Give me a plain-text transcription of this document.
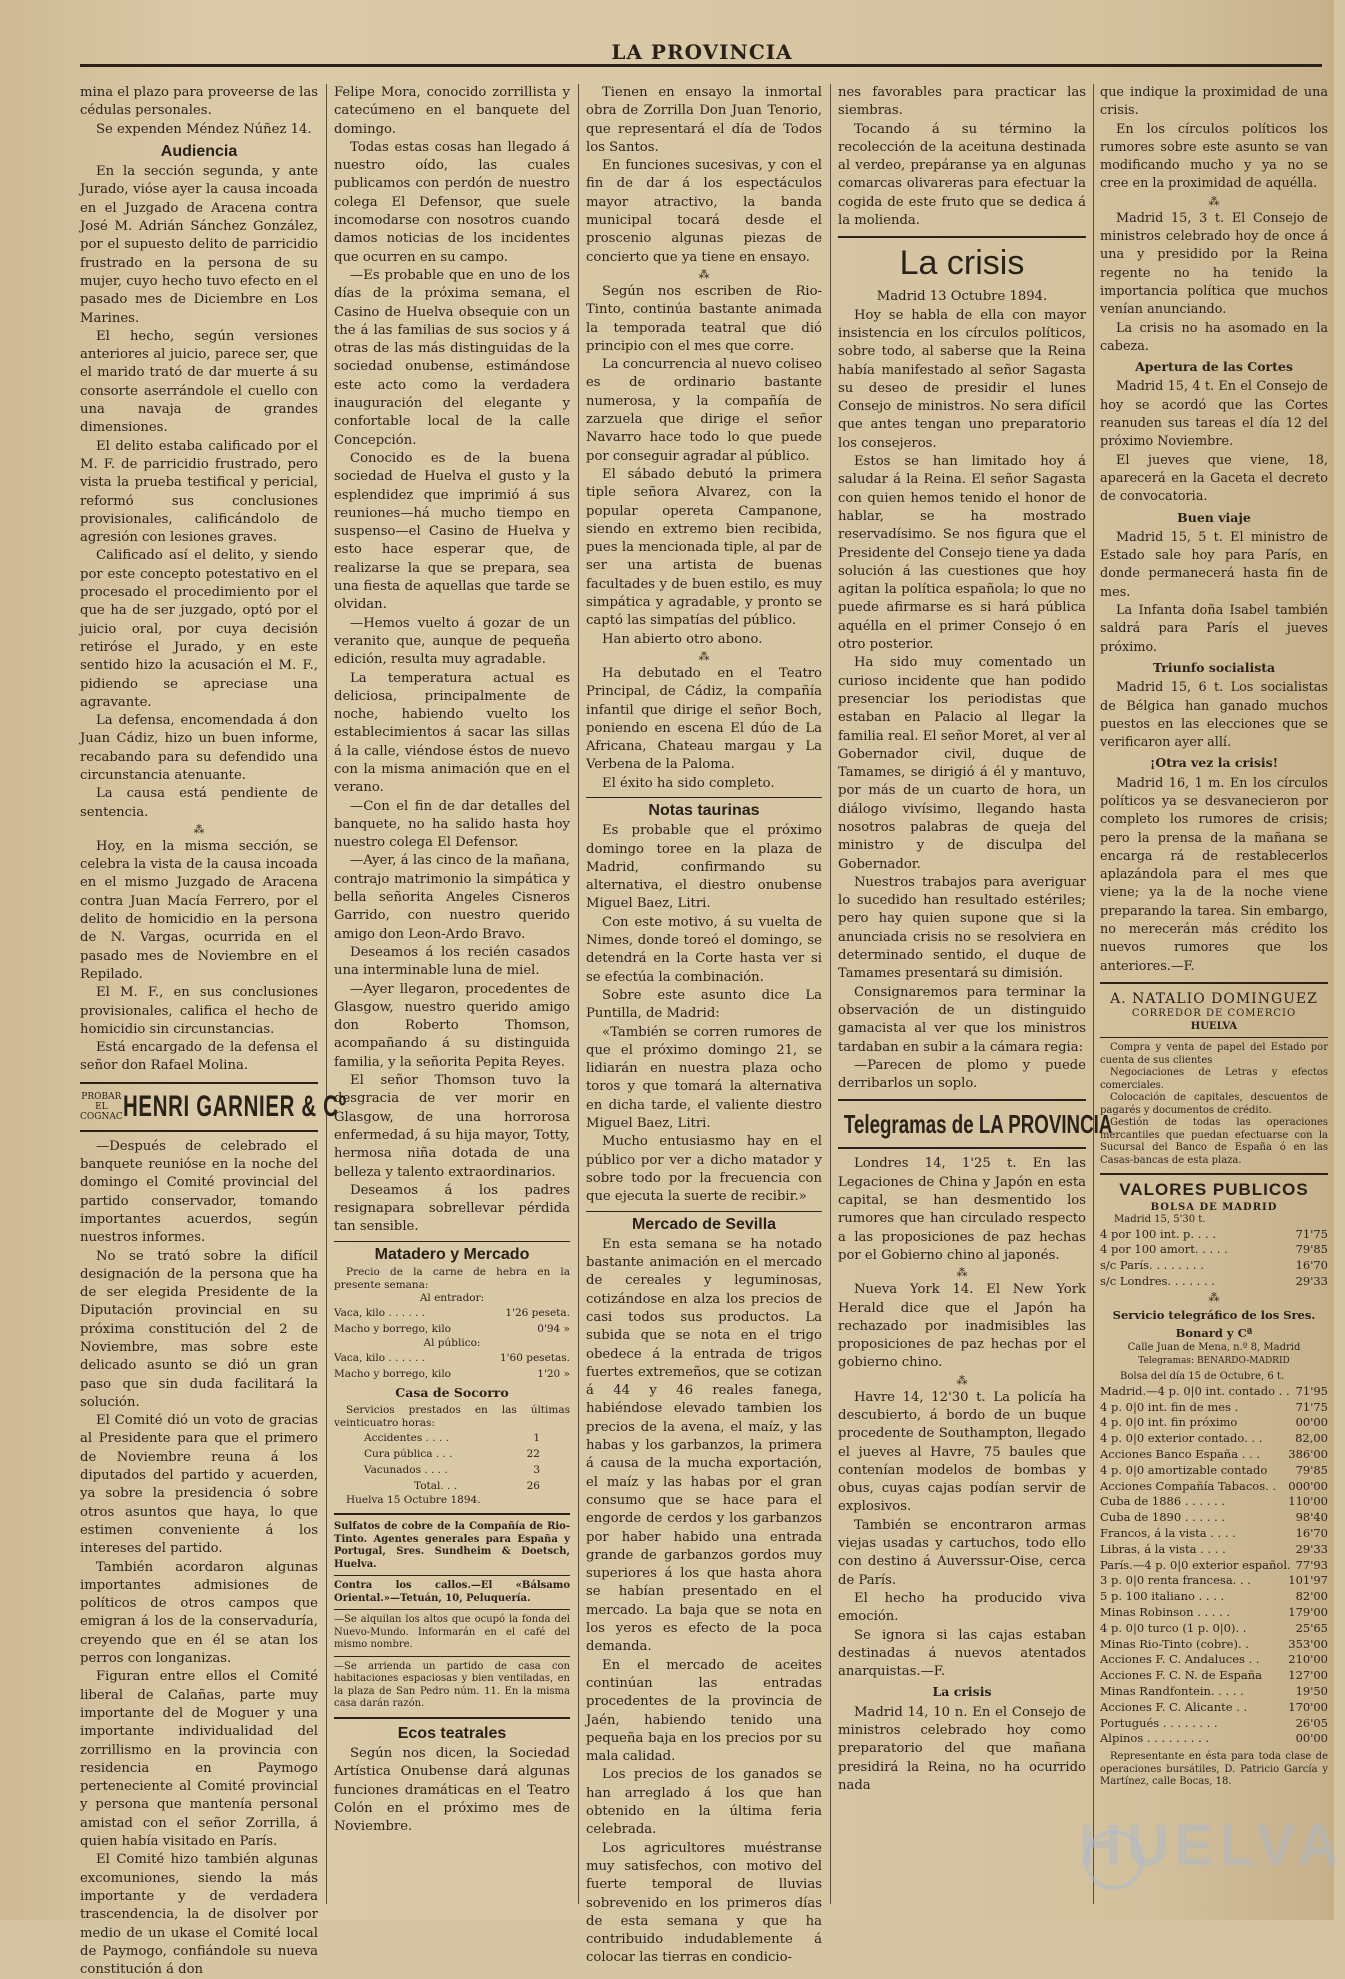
LA PROVINCIA

mina el plazo para proveerse de las cédulas personales.

Se expenden Méndez Núñez 14.

Audiencia

En la sección segunda, y ante Jurado, vióse ayer la causa incoada en el Juzgado de Aracena contra José M. Adrián Sánchez González, por el supuesto delito de parricidio frustrado en la persona de su mujer, cuyo hecho tuvo efecto en el pasado mes de Diciembre en Los Marines.

El hecho, según versiones anteriores al juicio, parece ser, que el marido trató de dar muerte á su consorte aserrándole el cuello con una navaja de grandes dimensiones.

El delito estaba calificado por el M. F. de parricidio frustrado, pero vista la prueba testifical y pericial, reformó sus conclusiones provisionales, calificándolo de agresión con lesiones graves.

Calificado así el delito, y siendo por este concepto potestativo en el procesado el procedimiento por el que ha de ser juzgado, optó por el juicio oral, por cuya decisión retiróse el Jurado, y en este sentido hizo la acusación el M. F., pidiendo se apreciase una agravante.

La defensa, encomendada á don Juan Cádiz, hizo un buen informe, recabando para su defendido una circunstancia atenuante.

La causa está pendiente de sentencia.

⁂

Hoy, en la misma sección, se celebra la vista de la causa incoada en el mismo Juzgado de Aracena contra Juan Macía Ferrero, por el delito de homicidio en la persona de N. Vargas, ocurrida en el pasado mes de Noviembre en el Repilado.

El M. F., en sus conclusiones provisionales, califica el hecho de homicidio sin circunstancias.

Está encargado de la defensa el señor don Rafael Molina.

PROBAR EL COGNAC HENRI GARNIER & Cº

—Después de celebrado el banquete reunióse en la noche del domingo el Comité provincial del partido conservador, tomando importantes acuerdos, según nuestros informes.

No se trató sobre la difícil designación de la persona que ha de ser elegida Presidente de la Diputación provincial en su próxima constitución del 2 de Noviembre, mas sobre este delicado asunto se dió un gran paso que sin duda facilitará la solución.

El Comité dió un voto de gracias al Presidente para que el primero de Noviembre reuna á los diputados del partido y acuerden, ya sobre la presidencia ó sobre otros asuntos que haya, lo que estimen conveniente á los intereses del partido.

También acordaron algunas importantes admisiones de políticos de otros campos que emigran á los de la conservaduría, creyendo que en él se atan los perros con longanizas.

Figuran entre ellos el Comité liberal de Calañas, parte muy importante del de Moguer y una importante individualidad del zorrillismo en la provincia con residencia en Paymogo perteneciente al Comité provincial y persona que mantenía personal amistad con el señor Zorrilla, á quien había visitado en París.

El Comité hizo también algunas excomuniones, siendo la más importante y de verdadera trascendencia, la de disolver por medio de un ukase el Comité local de Paymogo, confiándole su nueva constitución á don

Felipe Mora, conocido zorrillista y catecúmeno en el banquete del domingo.

Todas estas cosas han llegado á nuestro oído, las cuales publicamos con perdón de nuestro colega El Defensor, que suele incomodarse con nosotros cuando damos noticias de los incidentes que ocurren en su campo.

—Es probable que en uno de los días de la próxima semana, el Casino de Huelva obsequie con un the á las familias de sus socios y á otras de las más distinguidas de la sociedad onubense, estimándose este acto como la verdadera inauguración del elegante y confortable local de la calle Concepción.

Conocido es de la buena sociedad de Huelva el gusto y la esplendidez que imprimió á sus reuniones—há mucho tiempo en suspenso—el Casino de Huelva y esto hace esperar que, de realizarse la que se prepara, sea una fiesta de aquellas que tarde se olvidan.

—Hemos vuelto á gozar de un veranito que, aunque de pequeña edición, resulta muy agradable.

La temperatura actual es deliciosa, principalmente de noche, habiendo vuelto los establecimientos á sacar las sillas á la calle, viéndose éstos de nuevo con la misma animación que en el verano.

—Con el fin de dar detalles del banquete, no ha salido hasta hoy nuestro colega El Defensor.

—Ayer, á las cinco de la mañana, contrajo matrimonio la simpática y bella señorita Angeles Cisneros Garrido, con nuestro querido amigo don Leon-Ardo Bravo.

Deseamos á los recién casados una interminable luna de miel.

—Ayer llegaron, procedentes de Glasgow, nuestro querido amigo don Roberto Thomson, acompañando á su distinguida familia, y la señorita Pepita Reyes.

El señor Thomson tuvo la desgracia de ver morir en Glasgow, de una horrorosa enfermedad, á su hija mayor, Totty, hermosa niña dotada de una belleza y talento extraordinarios.

Deseamos á los padres resignapara sobrellevar pérdida tan sensible.

Matadero y Mercado
Precio de la carne de hebra en la presente semana:
Al entrador:
Vaca, kilo . . . . . .	1'26 peseta.
Macho y borrego, kilo	0'94 »
Al público:
Vaca, kilo . . . . . .	1'60 pesetas.
Macho y borrego, kilo	1'20 »
Casa de Socorro
Servicios prestados en las últimas veinticuatro horas:
Accidentes . . . .	1
Cura pública . . .	22
Vacunados . . . .	3
Total. . .	26
Huelva 15 Octubre 1894.
Sulfatos de cobre de la Compañía de Rio-Tinto. Agentes generales para España y Portugal, Sres. Sundheim & Doetsch, Huelva.
Contra los callos.—El «Bálsamo Oriental.»—Tetuán, 10, Peluquería.
—Se alquilan los altos que ocupó la fonda del Nuevo-Mundo. Informarán en el café del mismo nombre.
—Se arrienda un partido de casa con habitaciones espaciosas y bien ventiladas, en la plaza de San Pedro núm. 11. En la misma casa darán razón.
Ecos teatrales

Según nos dicen, la Sociedad Artística Onubense dará algunas funciones dramáticas en el Teatro Colón en el próximo mes de Noviembre.

Tienen en ensayo la inmortal obra de Zorrilla Don Juan Tenorio, que representará el día de Todos los Santos.

En funciones sucesivas, y con el fin de dar á los espectáculos mayor atractivo, la banda municipal tocará desde el proscenio algunas piezas de concierto que ya tiene en ensayo.

⁂

Según nos escriben de Rio-Tinto, continúa bastante animada la temporada teatral que dió principio con el mes que corre.

La concurrencia al nuevo coliseo es de ordinario bastante numerosa, y la compañía de zarzuela que dirige el señor Navarro hace todo lo que puede por conseguir agradar al público.

El sábado debutó la primera tiple señora Alvarez, con la popular opereta Campanone, siendo en extremo bien recibida, pues la mencionada tiple, al par de ser una artista de buenas facultades y de buen estilo, es muy simpática y agradable, y pronto se captó las simpatías del público.

Han abierto otro abono.

⁂

Ha debutado en el Teatro Principal, de Cádiz, la compañía infantil que dirige el señor Boch, poniendo en escena El dúo de La Africana, Chateau margau y La Verbena de la Paloma.

El éxito ha sido completo.

Notas taurinas

Es probable que el próximo domingo toree en la plaza de Madrid, confirmando su alternativa, el diestro onubense Miguel Baez, Litri.

Con este motivo, á su vuelta de Nimes, donde toreó el domingo, se detendrá en la Corte hasta ver si se efectúa la combinación.

Sobre este asunto dice La Puntilla, de Madrid:

«También se corren rumores de que el próximo domingo 21, se lidiarán en nuestra plaza ocho toros y que tomará la alternativa en dicha tarde, el valiente diestro Miguel Baez, Litri.

Mucho entusiasmo hay en el público por ver a dicho matador y sobre todo por la frecuencia con que ejecuta la suerte de recibir.»

Mercado de Sevilla

En esta semana se ha notado bastante animación en el mercado de cereales y leguminosas, cotizándose en alza los precios de casi todos sus productos. La subida que se nota en el trigo obedece á la entrada de trigos fuertes extremeños, que se cotizan á 44 y 46 reales fanega, habiéndose elevado tambien los precios de la avena, el maíz, y las habas y los garbanzos, la primera á causa de la mucha exportación, el maíz y las habas por el gran consumo que se hace para el engorde de cerdos y los garbanzos por haber habido una entrada grande de garbanzos gordos muy superiores á los que hasta ahora se habían presentado en el mercado. La baja que se nota en los yeros es efecto de la poca demanda.

En el mercado de aceites continúan las entradas procedentes de la provincia de Jaén, habiendo tenido una pequeña baja en los precios por su mala calidad.

Los precios de los ganados se han arreglado á los que han obtenido en la última feria celebrada.

Los agricultores muéstranse muy satisfechos, con motivo del fuerte temporal de lluvias sobrevenido en los primeros días de esta semana y que ha contribuido indudablemente á colocar las tierras en condicio-

nes favorables para practicar las siembras.

Tocando á su término la recolección de la aceituna destinada al verdeo, prepáranse ya en algunas comarcas olivareras para efectuar la cogida de este fruto que se dedica á la molienda.

La crisis
Madrid 13 Octubre 1894.

Hoy se habla de ella con mayor insistencia en los círculos políticos, sobre todo, al saberse que la Reina había manifestado al señor Sagasta su deseo de presidir el lunes Consejo de ministros. No sera difícil que antes tengan uno preparatorio los consejeros.

Estos se han limitado hoy á saludar á la Reina. El señor Sagasta con quien hemos tenido el honor de hablar, se ha mostrado reservadísimo. Se nos figura que el Presidente del Consejo tiene ya dada solución á las cuestiones que hoy agitan la política española; lo que no puede afirmarse es si hará pública aquélla en el primer Consejo ó en otro posterior.

Ha sido muy comentado un curioso incidente que han podido presenciar los periodistas que estaban en Palacio al llegar la familia real. El señor Moret, al ver al Gobernador civil, duque de Tamames, se dirigió á él y mantuvo, por más de un cuarto de hora, un diálogo vivísimo, llegando hasta nosotros palabras de queja del ministro y de disculpa del Gobernador.

Nuestros trabajos para averiguar lo sucedido han resultado estériles; pero hay quien supone que si la anunciada crisis no se resolviera en determinado sentido, el duque de Tamames presentará su dimisión.

Consignaremos para terminar la observación de un distinguido gamacista al ver que los ministros tardaban en subir a la cámara regia:

—Parecen de plomo y puede derribarlos un soplo.

Telegramas de LA PROVINCIA

Londres 14, 1'25 t. En las Legaciones de China y Japón en esta capital, se han desmentido los rumores que han circulado respecto a las proposiciones de paz hechas por el Gobierno chino al japonés.

⁂

Nueva York 14. El New York Herald dice que el Japón ha rechazado por inadmisibles las proposiciones de paz hechas por el gobierno chino.

⁂

Havre 14, 12'30 t. La policía ha descubierto, á bordo de un buque procedente de Southampton, llegado el jueves al Havre, 75 baules que contenían modelos de bombas y obus, cuyas cajas podían servir de explosivos.

También se encontraron armas viejas usadas y cartuchos, todo ello con destino á Auverssur-Oise, cerca de París.

El hecho ha producido viva emoción.

Se ignora si las cajas estaban destinadas á nuevos atentados anarquistas.—F.

La crisis

Madrid 14, 10 n. En el Consejo de ministros celebrado hoy como preparatorio del que mañana presidirá la Reina, no ha ocurrido nada

que indique la proximidad de una crisis.

En los círculos políticos los rumores sobre este asunto se van modificando mucho y ya no se cree en la proximidad de aquélla.

⁂

Madrid 15, 3 t. El Consejo de ministros celebrado hoy de once á una y presidido por la Reina regente no ha tenido la importancia política que muchos venían anunciando.

La crisis no ha asomado en la cabeza.

Apertura de las Cortes

Madrid 15, 4 t. En el Consejo de hoy se acordó que las Cortes reanuden sus tareas el día 12 del próximo Noviembre.

El jueves que viene, 18, aparecerá en la Gaceta el decreto de convocatoria.

Buen viaje

Madrid 15, 5 t. El ministro de Estado sale hoy para París, en donde permanecerá hasta fin de mes.

La Infanta doña Isabel también saldrá para París el jueves próximo.

Triunfo socialista

Madrid 15, 6 t. Los socialistas de Bélgica han ganado muchos puestos en las elecciones que se verificaron ayer allí.

¡Otra vez la crisis!

Madrid 16, 1 m. En los círculos políticos ya se desvanecieron por completo los rumores de crisis; pero la prensa de la mañana se encarga rá de restablecerlos aplazándola para el mes que viene; ya la de la noche viene preparando la tarea. Sin embargo, no merecerán más crédito los nuevos rumores que los anteriores.—F.

A. NATALIO DOMINGUEZ
CORREDOR DE COMERCIO
HUELVA
Compra y venta de papel del Estado por cuenta de sus clientes
Negociaciones de Letras y efectos comerciales.
Colocación de capitales, descuentos de pagarés y documentos de crédito.
Gestión de todas las operaciones mercantiles que puedan efectuarse con la Sucursal del Banco de España ó en las Casas-bancas de esta plaza.
VALORES PUBLICOS
BOLSA DE MADRID
Madrid 15, 5'30 t.
4 por 100 int. p. . . .	71'75
4 por 100 amort. . . . .	79'85
s/c París. . . . . . . .	16'70
s/c Londres. . . . . . .	29'33
⁂
Servicio telegráfico de los Sres. Bonard y Cª
Calle Juan de Mena, n.º 8, Madrid
Telegramas: BENARDO-MADRID
Bolsa del día 15 de Octubre, 6 t.
Madrid.—4 p. 0|0 int. contado . . 71'95
4 p. 0|0 int. fin de mes .	71'75
4 p. 0|0 int. fin próximo	00'00
4 p. 0|0 exterior contado. . .	82,00
Acciones Banco España . . . 386'00
4 p. 0|0 amortizable contado 79'85
Acciones Compañía Tabacos. . 000'00
Cuba de 1886 . . . . . .	110'00
Cuba de 1890 . . . . . .	98'40
Francos, á la vista . . . .	16'70
Libras, á la vista . . . .	29'33
París.—4 p. 0|0 exterior español. 77'93
3 p. 0|0 renta francesa. . .	101'97
5 p. 100 italiano . . . .	82'00
Minas Robinson . . . . .	179'00
4 p. 0|0 turco (1 p. 0|0). .	25'65
Minas Rio-Tinto (cobre). .	353'00
Acciones F. C. Andaluces . . 210'00
Acciones F. C. N. de España 127'00
Minas Randfontein. . . . .	19'50
Acciones F. C. Alicante . .	170'00
Portugués . . . . . . . .	26'05
Alpinos . . . . . . . . .	00'00
Representante en ésta para toda clase de operaciones bursátiles, D. Patricio García y Martínez, calle Bocas, 18.
HUELVA
